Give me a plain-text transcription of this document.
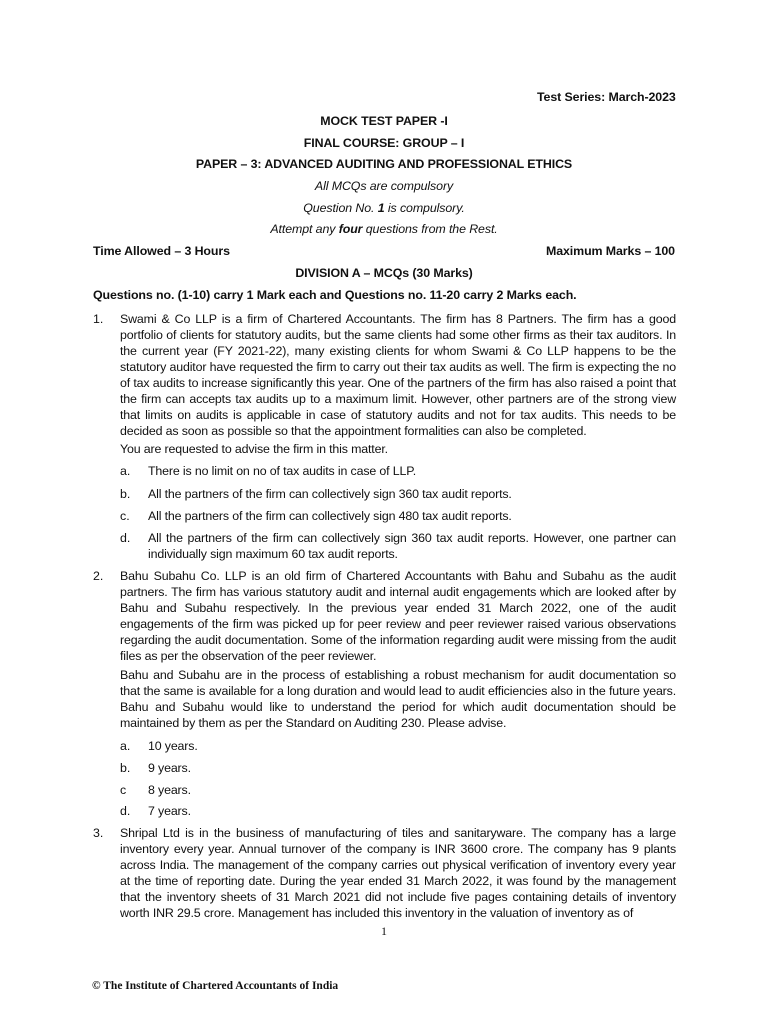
Test Series: March-2023
MOCK TEST PAPER -I
FINAL COURSE: GROUP – I
PAPER – 3: ADVANCED AUDITING AND PROFESSIONAL ETHICS
All MCQs are compulsory
Question No. 1 is compulsory.
Attempt any four questions from the Rest.
Time Allowed – 3 Hours	Maximum Marks – 100
DIVISION A – MCQs (30 Marks)
Questions no. (1-10) carry 1 Mark each and Questions no. 11-20 carry 2 Marks each.
1. Swami & Co LLP is a firm of Chartered Accountants. The firm has 8 Partners. The firm has a good portfolio of clients for statutory audits, but the same clients had some other firms as their tax auditors. In the current year (FY 2021-22), many existing clients for whom Swami & Co LLP happens to be the statutory auditor have requested the firm to carry out their tax audits as well. The firm is expecting the no of tax audits to increase significantly this year. One of the partners of the firm has also raised a point that the firm can accepts tax audits up to a maximum limit. However, other partners are of the strong view that limits on audits is applicable in case of statutory audits and not for tax audits. This needs to be decided as soon as possible so that the appointment formalities can also be completed.
You are requested to advise the firm in this matter.
a. There is no limit on no of tax audits in case of LLP.
b. All the partners of the firm can collectively sign 360 tax audit reports.
c. All the partners of the firm can collectively sign 480 tax audit reports.
d. All the partners of the firm can collectively sign 360 tax audit reports. However, one partner can individually sign maximum 60 tax audit reports.
2. Bahu Subahu Co. LLP is an old firm of Chartered Accountants with Bahu and Subahu as the audit partners. The firm has various statutory audit and internal audit engagements which are looked after by Bahu and Subahu respectively. In the previous year ended 31 March 2022, one of the audit engagements of the firm was picked up for peer review and peer reviewer raised various observations regarding the audit documentation. Some of the information regarding audit were missing from the audit files as per the observation of the peer reviewer.
Bahu and Subahu are in the process of establishing a robust mechanism for audit documentation so that the same is available for a long duration and would lead to audit efficiencies also in the future years. Bahu and Subahu would like to understand the period for which audit documentation should be maintained by them as per the Standard on Auditing 230. Please advise.
a. 10 years.
b. 9 years.
c 8 years.
d. 7 years.
3. Shripal Ltd is in the business of manufacturing of tiles and sanitaryware. The company has a large inventory every year. Annual turnover of the company is INR 3600 crore. The company has 9 plants across India. The management of the company carries out physical verification of inventory every year at the time of reporting date. During the year ended 31 March 2022, it was found by the management that the inventory sheets of 31 March 2021 did not include five pages containing details of inventory worth INR 29.5 crore. Management has included this inventory in the valuation of inventory as of
1
© The Institute of Chartered Accountants of India
